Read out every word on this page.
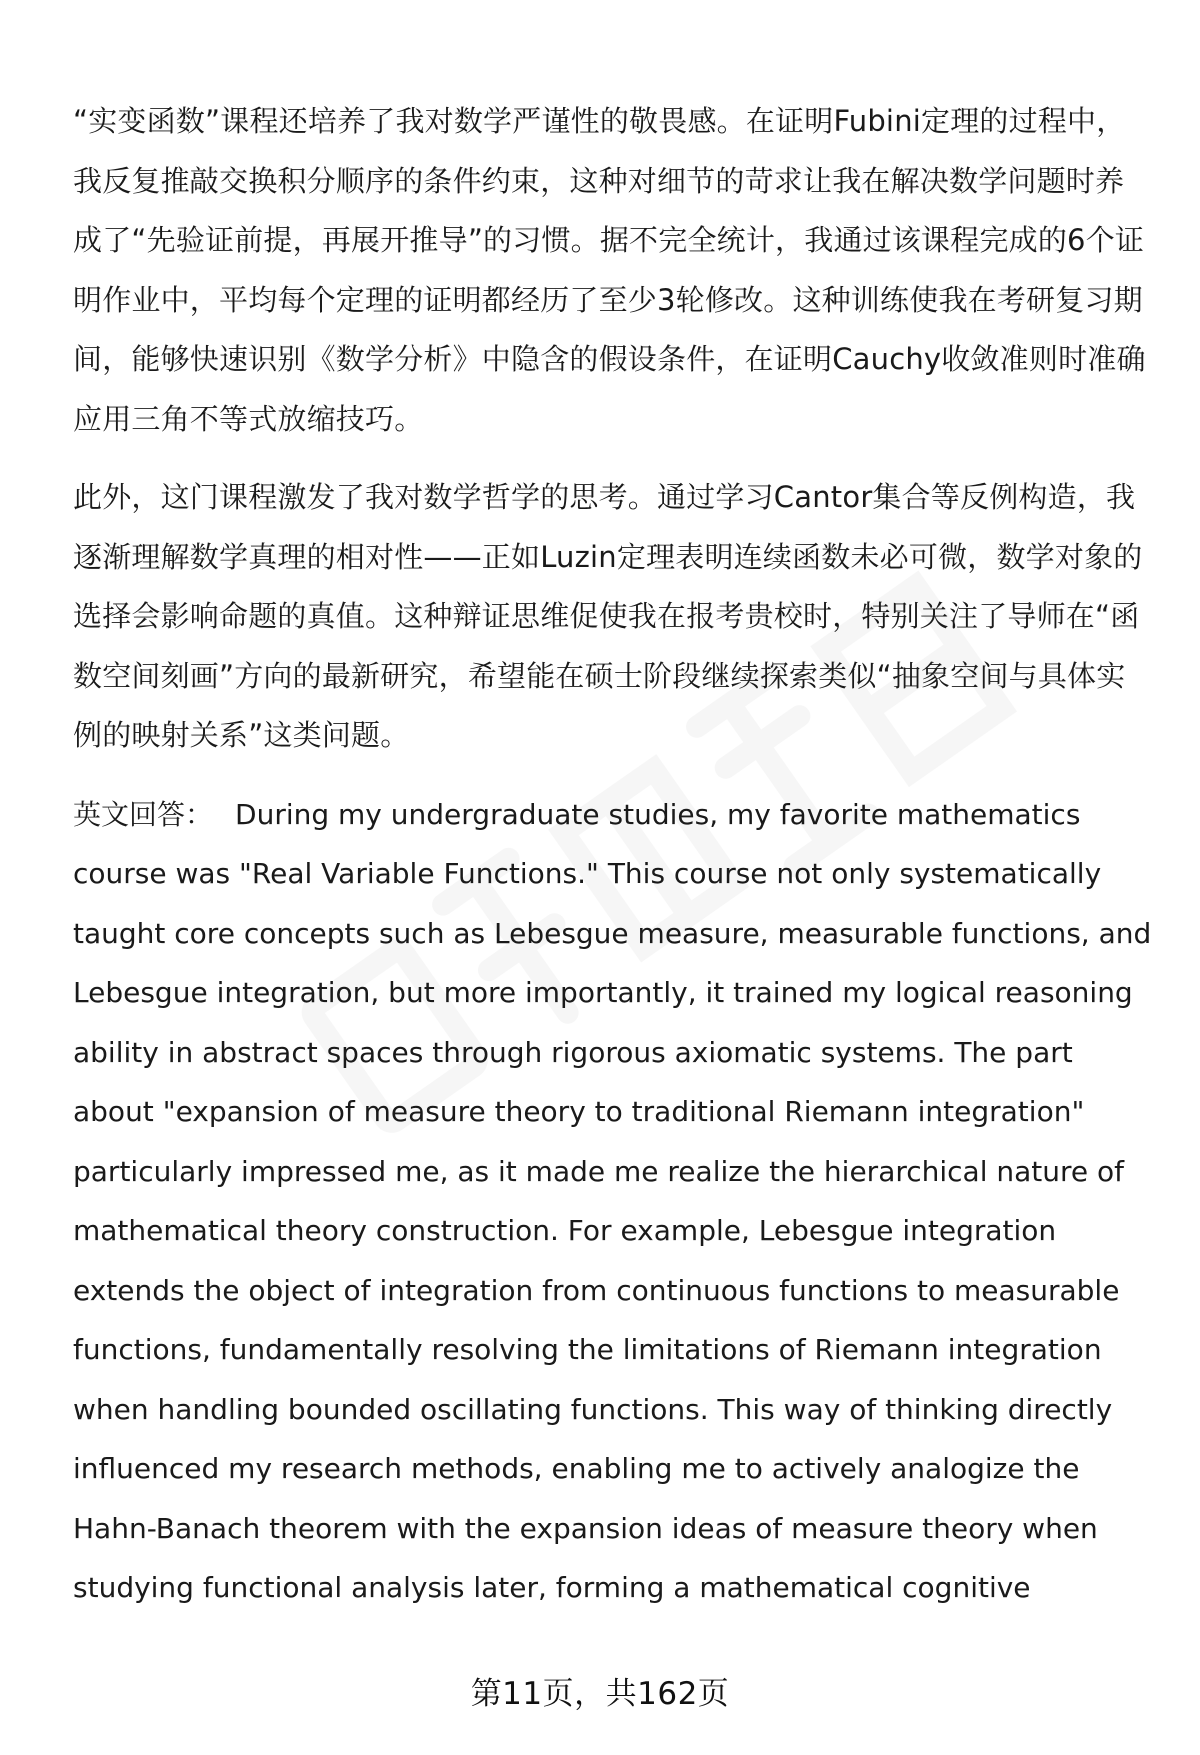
“实变函数”课程还培养了我对数学严谨性的敬畏感。在证明Fubini定理的过程中，我反复推敲交换积分顺序的条件约束，这种对细节的苛求让我在解决数学问题时养成了“先验证前提，再展开推导”的习惯。据不完全统计，我通过该课程完成的6个证明作业中，平均每个定理的证明都经历了至少3轮修改。这种训练使我在考研复习期间，能够快速识别《数学分析》中隐含的假设条件，在证明Cauchy收敛准则时准确应用三角不等式放缩技巧。

此外，这门课程激发了我对数学哲学的思考。通过学习Cantor集合等反例构造，我逐渐理解数学真理的相对性——正如Luzin定理表明连续函数未必可微，数学对象的选择会影响命题的真值。这种辩证思维促使我在报考贵校时，特别关注了导师在“函数空间刻画”方向的最新研究，希望能在硕士阶段继续探索类似“抽象空间与具体实例的映射关系”这类问题。

英文回答： During my undergraduate studies, my favorite mathematics course was "Real Variable Functions." This course not only systematically taught core concepts such as Lebesgue measure, measurable functions, and Lebesgue integration, but more importantly, it trained my logical reasoning ability in abstract spaces through rigorous axiomatic systems. The part about "expansion of measure theory to traditional Riemann integration" particularly impressed me, as it made me realize the hierarchical nature of mathematical theory construction. For example, Lebesgue integration extends the object of integration from continuous functions to measurable functions, fundamentally resolving the limitations of Riemann integration when handling bounded oscillating functions. This way of thinking directly influenced my research methods, enabling me to actively analogize the Hahn-Banach theorem with the expansion ideas of measure theory when studying functional analysis later, forming a mathematical cognitive

第11页，共162页
